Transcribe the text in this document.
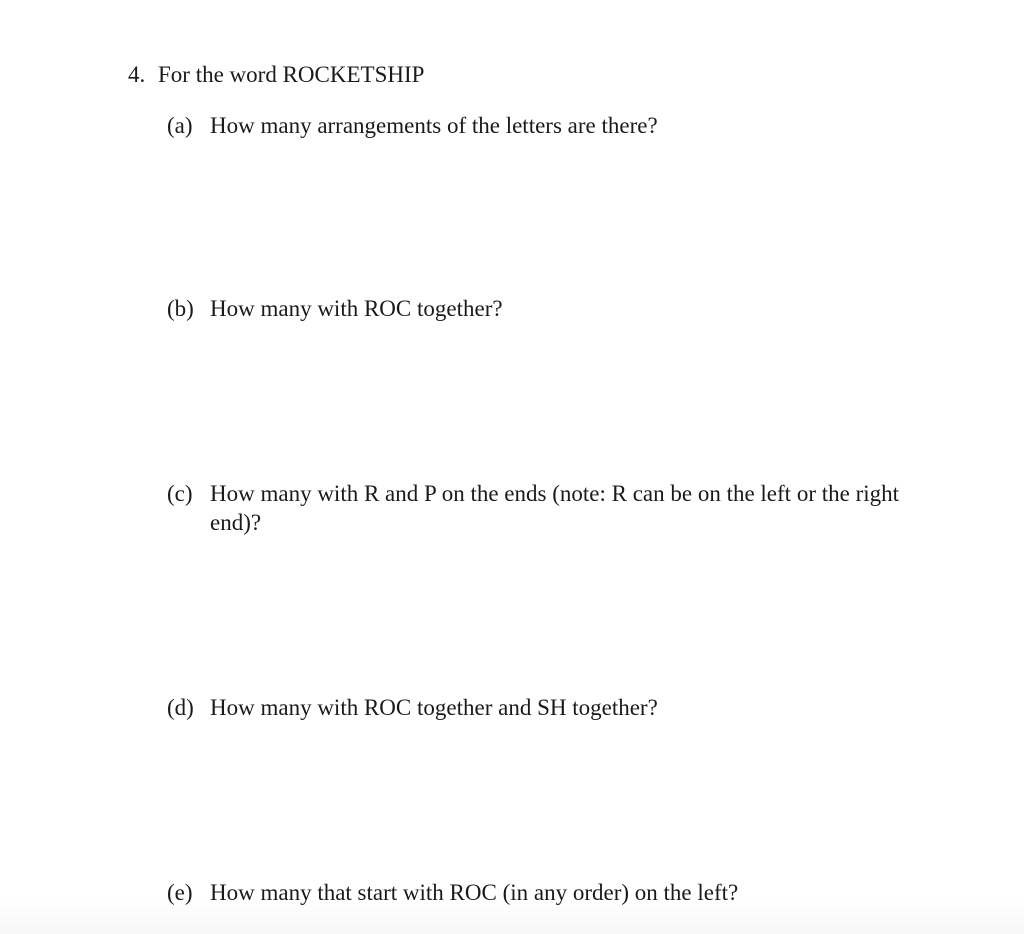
4. For the word ROCKETSHIP
(a) How many arrangements of the letters are there?
(b) How many with ROC together?
(c) How many with R and P on the ends (note: R can be on the left or the right end)?
(d) How many with ROC together and SH together?
(e) How many that start with ROC (in any order) on the left?
